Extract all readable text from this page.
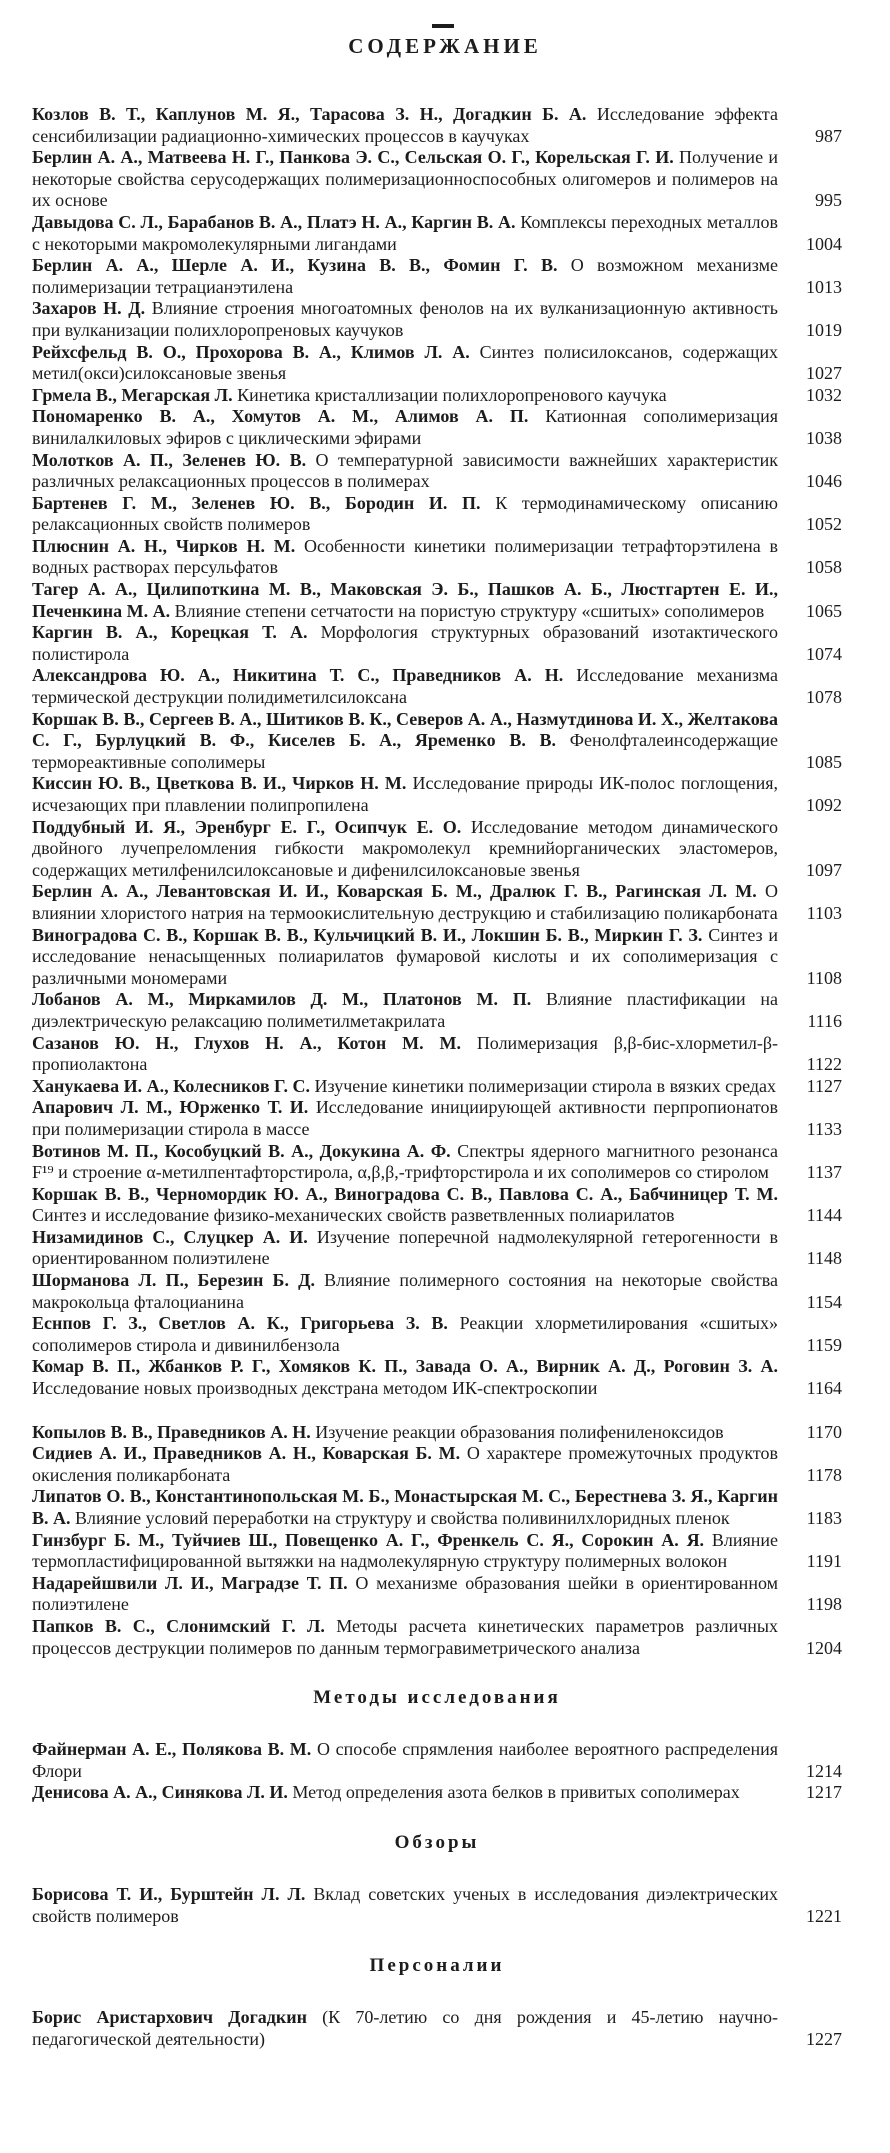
СОДЕРЖАНИЕ
Козлов В. Т., Каплунов М. Я., Тарасова З. Н., Догадкин Б. А. Исследование эффекта сенсибилизации радиационно-химических процессов в каучуках	987
Берлин А. А., Матвеева Н. Г., Панкова Э. С., Сельская О. Г., Корельская Г. И. Получение и некоторые свойства серусодержащих полимеризационноспособных олигомеров и полимеров на их основе	995
Давыдова С. Л., Барабанов В. А., Платэ Н. А., Каргин В. А. Комплексы переходных металлов с некоторыми макромолекулярными лигандами	1004
Берлин А. А., Шерле А. И., Кузина В. В., Фомин Г. В. О возможном механизме полимеризации тетрацианэтилена	1013
Захаров Н. Д. Влияние строения многоатомных фенолов на их вулканизационную активность при вулканизации полихлоропреновых каучуков	1019
Рейхсфельд В. О., Прохорова В. А., Климов Л. А. Синтез полисилоксанов, содержащих метил(окси)силоксановые звенья	1027
Грмела В., Мегарская Л. Кинетика кристаллизации полихлоропренового каучука	1032
Пономаренко В. А., Хомутов А. М., Алимов А. П. Катионная сополимеризация винилалкиловых эфиров с циклическими эфирами	1038
Молотков А. П., Зеленев Ю. В. О температурной зависимости важнейших характеристик различных релаксационных процессов в полимерах	1046
Бартенев Г. М., Зеленев Ю. В., Бородин И. П. К термодинамическому описанию релаксационных свойств полимеров	1052
Плюснин А. Н., Чирков Н. М. Особенности кинетики полимеризации тетрафторэтилена в водных растворах персульфатов	1058
Тагер А. А., Цилипоткина М. В., Маковская Э. Б., Пашков А. Б., Люстгартен Е. И., Печенкина М. А. Влияние степени сетчатости на пористую структуру «сшитых» сополимеров	1065
Каргин В. А., Корецкая Т. А. Морфология структурных образований изотактического полистирола	1074
Александрова Ю. А., Никитина Т. С., Праведников А. Н. Исследование механизма термической деструкции полидиметилсилоксана	1078
Коршак В. В., Сергеев В. А., Шитиков В. К., Северов А. А., Назмутдинова И. Х., Желтакова С. Г., Бурлуцкий В. Ф., Киселев Б. А., Яременко В. В. Фенолфталеинсодержащие термореактивные сополимеры	1085
Киссин Ю. В., Цветкова В. И., Чирков Н. М. Исследование природы ИК-полос поглощения, исчезающих при плавлении полипропилена	1092
Поддубный И. Я., Эренбург Е. Г., Осипчук Е. О. Исследование методом динамического двойного лучепреломления гибкости макромолекул кремнийорганических эластомеров, содержащих метилфенилсилоксановые и дифенилсилоксановые звенья	1097
Берлин А. А., Левантовская И. И., Коварская Б. М., Дралюк Г. В., Рагинская Л. М. О влиянии хлористого натрия на термоокислительную деструкцию и стабилизацию поликарбоната	1103
Виноградова С. В., Коршак В. В., Кульчицкий В. И., Локшин Б. В., Миркин Г. З. Синтез и исследование ненасыщенных полиарилатов фумаровой кислоты и их сополимеризация с различными мономерами	1108
Лобанов А. М., Миркамилов Д. М., Платонов М. П. Влияние пластификации на диэлектрическую релаксацию полиметилметакрилата	1116
Сазанов Ю. Н., Глухов Н. А., Котон М. М. Полимеризация β,β-бис-хлорметил-β-пропиолактона	1122
Ханукаева И. А., Колесников Г. С. Изучение кинетики полимеризации стирола в вязких средах	1127
Апарович Л. М., Юрженко Т. И. Исследование инициирующей активности перпропионатов при полимеризации стирола в массе	1133
Вотинов М. П., Кособуцкий В. А., Докукина А. Ф. Спектры ядерного магнитного резонанса F¹⁹ и строение α-метилпентафторстирола, α,β,β,-трифторстирола и их сополимеров со стиролом	1137
Коршак В. В., Черномордик Ю. А., Виноградова С. В., Павлова С. А., Бабчиницер Т. М. Синтез и исследование физико-механических свойств разветвленных полиарилатов	1144
Низамидинов С., Слуцкер А. И. Изучение поперечной надмолекулярной гетерогенности в ориентированном полиэтилене	1148
Шорманова Л. П., Березин Б. Д. Влияние полимерного состояния на некоторые свойства макрокольца фталоцианина	1154
Еснпов Г. З., Светлов А. К., Григорьева З. В. Реакции хлорметилирования «сшитых» сополимеров стирола и дивинилбензола	1159
Комар В. П., Жбанков Р. Г., Хомяков К. П., Завада О. А., Вирник А. Д., Роговин З. А. Исследование новых производных декстрана методом ИК-спектроскопии	1164
Копылов В. В., Праведников А. Н. Изучение реакции образования полифениленоксидов	1170
Сидиев А. И., Праведников А. Н., Коварская Б. М. О характере промежуточных продуктов окисления поликарбоната	1178
Липатов О. В., Константинопольская М. Б., Монастырская М. С., Берестнева З. Я., Каргин В. А. Влияние условий переработки на структуру и свойства поливинилхлоридных пленок	1183
Гинзбург Б. М., Туйчиев Ш., Повещенко А. Г., Френкель С. Я., Сорокин А. Я. Влияние термопластифицированной вытяжки на надмолекулярную структуру полимерных волокон	1191
Надарейшвили Л. И., Маградзе Т. П. О механизме образования шейки в ориентированном полиэтилене	1198
Папков В. С., Слонимский Г. Л. Методы расчета кинетических параметров различных процессов деструкции полимеров по данным термогравиметрического анализа	1204
Методы исследования
Файнерман А. Е., Полякова В. М. О способе спрямления наиболее вероятного распределения Флори	1214
Денисова А. А., Синякова Л. И. Метод определения азота белков в привитых сополимерах	1217
Обзоры
Борисова Т. И., Бурштейн Л. Л. Вклад советских ученых в исследования диэлектрических свойств полимеров	1221
Персоналии
Борис Аристархович Догадкин (К 70-летию со дня рождения и 45-летию научно-педагогической деятельности)	1227
